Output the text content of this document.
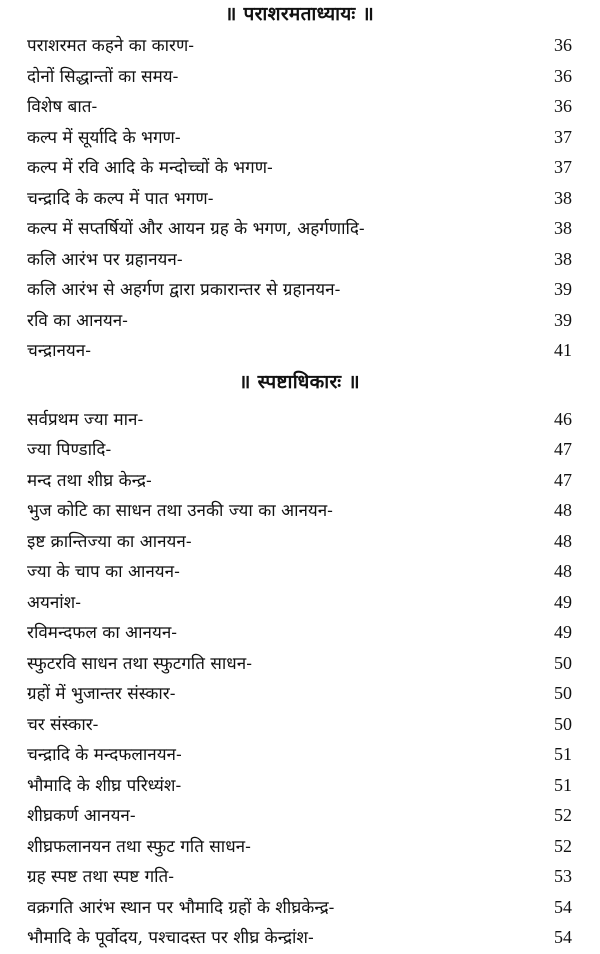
॥ पराशरमताध्यायः ॥
पराशरमत कहने का कारण-	36
दोनों सिद्धान्तों का समय-	36
विशेष बात-	36
कल्प में सूर्यादि के भगण-	37
कल्प में रवि आदि के मन्दोच्चों के भगण-	37
चन्द्रादि के कल्प में पात भगण-	38
कल्प में सप्तर्षियों और आयन ग्रह के भगण, अहर्गणादि-	38
कलि आरंभ पर ग्रहानयन-	38
कलि आरंभ से अहर्गण द्वारा प्रकारान्तर से ग्रहानयन-	39
रवि का आनयन-	39
चन्द्रानयन-	41
॥ स्पष्टाधिकारः ॥
सर्वप्रथम ज्या मान-	46
ज्या पिण्डादि-	47
मन्द तथा शीघ्र केन्द्र-	47
भुज कोटि का साधन तथा उनकी ज्या का आनयन-	48
इष्ट क्रान्तिज्या का आनयन-	48
ज्या के चाप का आनयन-	48
अयनांश-	49
रविमन्दफल का आनयन-	49
स्फुटरवि साधन तथा स्फुटगति साधन-	50
ग्रहों में भुजान्तर संस्कार-	50
चर संस्कार-	50
चन्द्रादि के मन्दफलानयन-	51
भौमादि के शीघ्र परिध्यंश-	51
शीघ्रकर्ण आनयन-	52
शीघ्रफलानयन तथा स्फुट गति साधन-	52
ग्रह स्पष्ट तथा स्पष्ट गति-	53
वक्रगति आरंभ स्थान पर भौमादि ग्रहों के शीघ्रकेन्द्र-	54
भौमादि के पूर्वोदय, पश्चादस्त पर शीघ्र केन्द्रांश-	54
